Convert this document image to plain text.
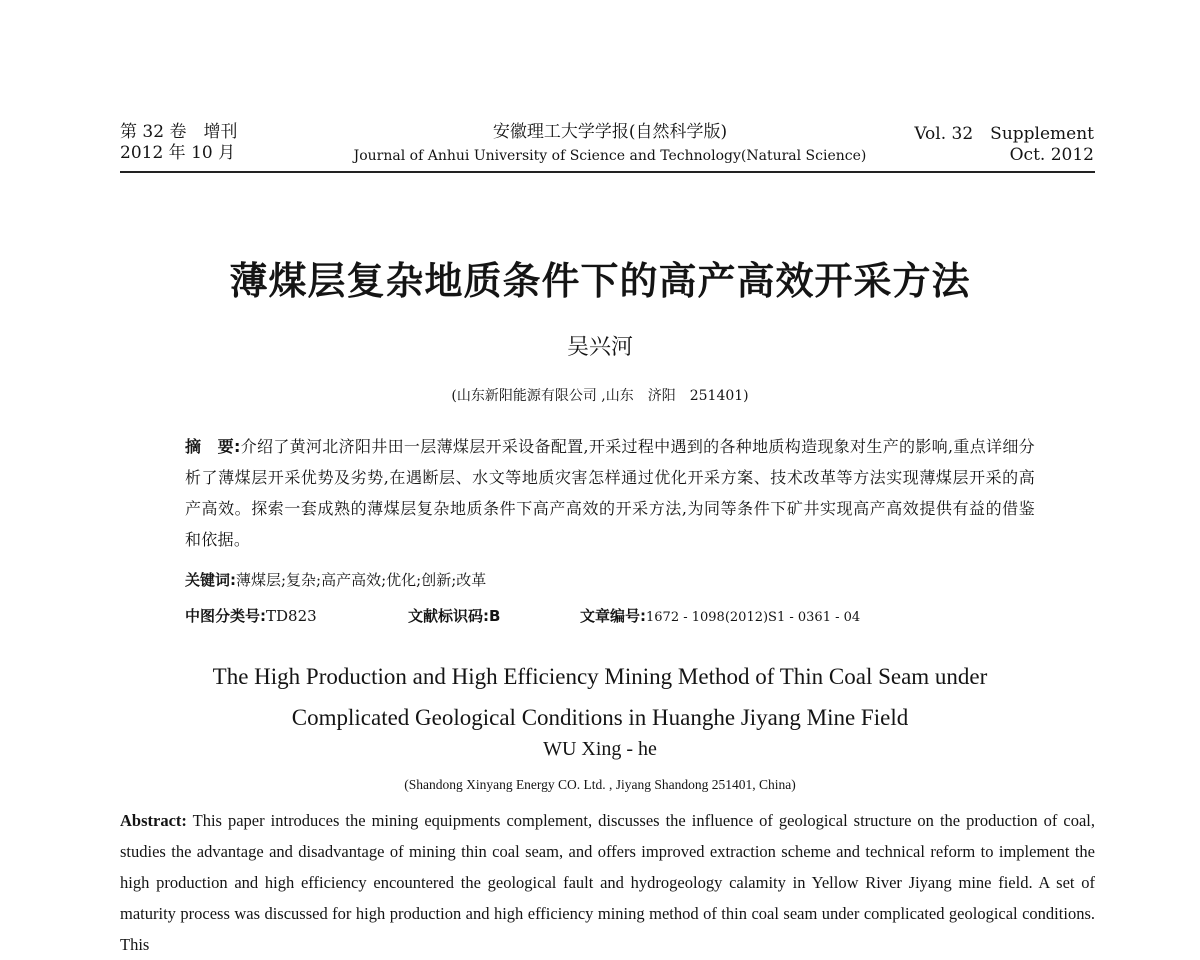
第 32 卷　增刊
2012 年 10 月
安徽理工大学学报(自然科学版)
Journal of Anhui University of Science and Technology(Natural Science)
Vol. 32　Supplement
Oct. 2012
薄煤层复杂地质条件下的高产高效开采方法
吴兴河
(山东新阳能源有限公司 ,山东　济阳　251401)
摘　要:介绍了黄河北济阳井田一层薄煤层开采设备配置,开采过程中遇到的各种地质构造现象对生产的影响,重点详细分析了薄煤层开采优势及劣势,在遇断层、水文等地质灾害怎样通过优化开采方案、技术改革等方法实现薄煤层开采的高产高效。探索一套成熟的薄煤层复杂地质条件下高产高效的开采方法,为同等条件下矿井实现高产高效提供有益的借鉴和依据。
关键词:薄煤层;复杂;高产高效;优化;创新;改革
中图分类号:TD823	文献标识码:B	文章编号:1672 - 1098(2012)S1 - 0361 - 04
The High Production and High Efficiency Mining Method of Thin Coal Seam under
Complicated Geological Conditions in Huanghe Jiyang Mine Field
WU Xing - he
(Shandong Xinyang Energy CO. Ltd. , Jiyang Shandong 251401, China)
Abstract: This paper introduces the mining equipments complement, discusses the influence of geological structure on the production of coal, studies the advantage and disadvantage of mining thin coal seam, and offers improved extraction scheme and technical reform to implement the high production and high efficiency encountered the geological fault and hydrogeology calamity in Yellow River Jiyang mine field. A set of maturity process was discussed for high production and high efficiency mining method of thin coal seam under complicated geological conditions. This
